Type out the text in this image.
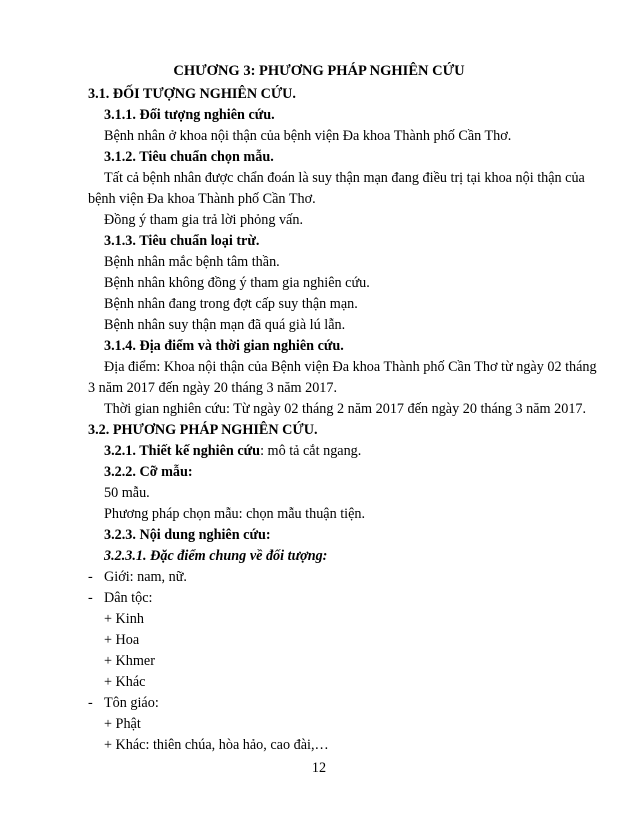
CHƯƠNG 3: PHƯƠNG PHÁP NGHIÊN CỨU
3.1. ĐỐI TƯỢNG NGHIÊN CỨU.
3.1.1. Đối tượng nghiên cứu.
Bệnh nhân ở khoa nội thận của bệnh viện Đa khoa Thành phố Cần Thơ.
3.1.2. Tiêu chuẩn chọn mẫu.
Tất cả bệnh nhân được chẩn đoán là suy thận mạn đang điều trị tại khoa nội thận của
bệnh viện Đa khoa Thành phố Cần Thơ.
Đồng ý tham gia trả lời phỏng vấn.
3.1.3. Tiêu chuẩn loại trừ.
Bệnh nhân mắc bệnh tâm thần.
Bệnh nhân không đồng ý tham gia nghiên cứu.
Bệnh nhân đang trong đợt cấp suy thận mạn.
Bệnh nhân suy thận mạn đã quá già lú lẫn.
3.1.4. Địa điểm và thời gian nghiên cứu.
Địa điểm: Khoa nội thận của Bệnh viện Đa khoa Thành phố Cần Thơ từ ngày 02 tháng
3 năm 2017 đến ngày 20 tháng 3 năm 2017.
Thời gian nghiên cứu: Từ ngày 02 tháng 2 năm 2017 đến ngày 20 tháng 3 năm 2017.
3.2. PHƯƠNG PHÁP NGHIÊN CỨU.
3.2.1. Thiết kế nghiên cứu: mô tả cắt ngang.
3.2.2. Cỡ mẫu:
50 mẫu.
Phương pháp chọn mẫu: chọn mẫu thuận tiện.
3.2.3. Nội dung nghiên cứu:
3.2.3.1. Đặc điểm chung về đối tượng:
- Giới: nam, nữ.
- Dân tộc:
+ Kinh
+ Hoa
+ Khmer
+ Khác
- Tôn giáo:
+ Phật
+ Khác: thiên chúa, hòa hảo, cao đài,…
12
